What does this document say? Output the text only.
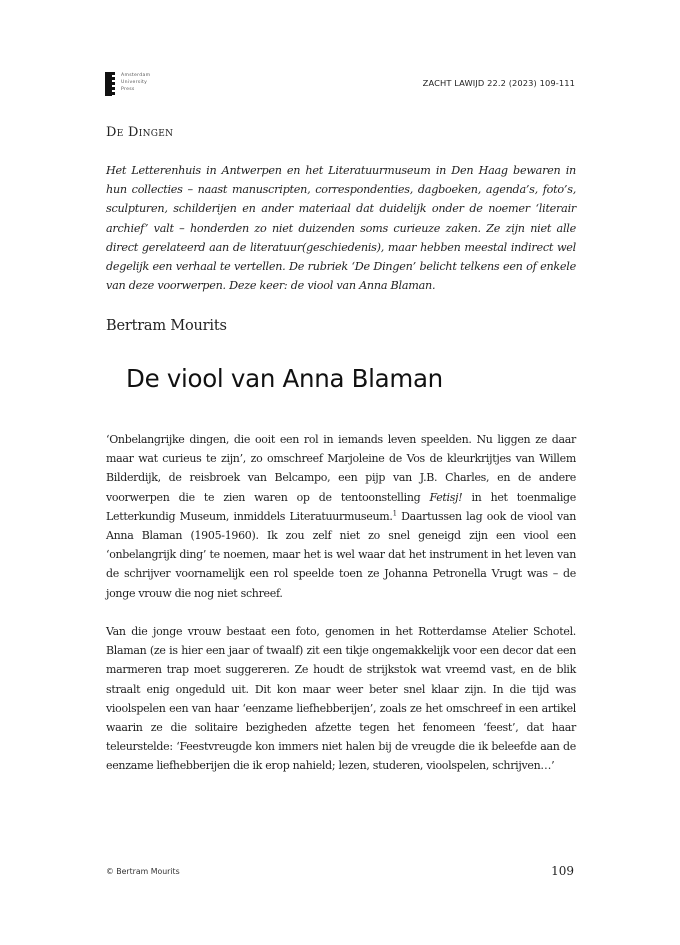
Amsterdam
University
Press
ZACHT LAWIJD 22.2 (2023) 109-111
De Dingen
Het Letterenhuis in Antwerpen en het Literatuurmuseum in Den Haag bewaren in hun collecties – naast manuscripten, correspondenties, dagboeken, agenda’s, foto’s, sculpturen, schilderijen en ander materiaal dat duidelijk onder de noemer ‘literair archief’ valt – honderden zo niet duizenden soms curieuze zaken. Ze zijn niet alle direct gerelateerd aan de literatuur(geschiedenis), maar hebben meestal indirect wel degelijk een verhaal te vertellen. De rubriek ‘De Dingen’ belicht telkens een of enkele van deze voorwerpen. Deze keer: de viool van Anna Blaman.
Bertram Mourits
De viool van Anna Blaman

‘Onbelangrijke dingen, die ooit een rol in iemands leven speelden. Nu liggen ze daar maar wat curieus te zijn’, zo omschreef Marjoleine de Vos de kleurkrijtjes van Willem Bilderdijk, de reisbroek van Belcampo, een pijp van J.B. Charles, en de andere voorwerpen die te zien waren op de tentoonstelling Fetisj! in het toenmalige Letterkundig Museum, inmiddels Literatuurmuseum.$^1$ Daartussen lag ook de viool van Anna Blaman (1905-1960). Ik zou zelf niet zo snel geneigd zijn een viool een ‘onbelangrijk ding’ te noemen, maar het is wel waar dat het instrument in het leven van de schrijver voornamelijk een rol speelde toen ze Johanna Petronella Vrugt was – de jonge vrouw die nog niet schreef.

Van die jonge vrouw bestaat een foto, genomen in het Rotterdamse Atelier Schotel. Blaman (ze is hier een jaar of twaalf) zit een tikje ongemakkelijk voor een decor dat een marmeren trap moet suggereren. Ze houdt de strijkstok wat vreemd vast, en de blik straalt enig ongeduld uit. Dit kon maar weer beter snel klaar zijn. In die tijd was vioolspelen een van haar ‘eenzame liefhebberijen’, zoals ze het omschreef in een artikel waarin ze die solitaire bezigheden afzette tegen het fenomeen ‘feest’, dat haar teleurstelde: ‘Feestvreugde kon immers niet halen bij de vreugde die ik beleefde aan de eenzame liefhebberijen die ik erop nahield; lezen, studeren, vioolspelen, schrijven…’

© Bertram Mourits	109
